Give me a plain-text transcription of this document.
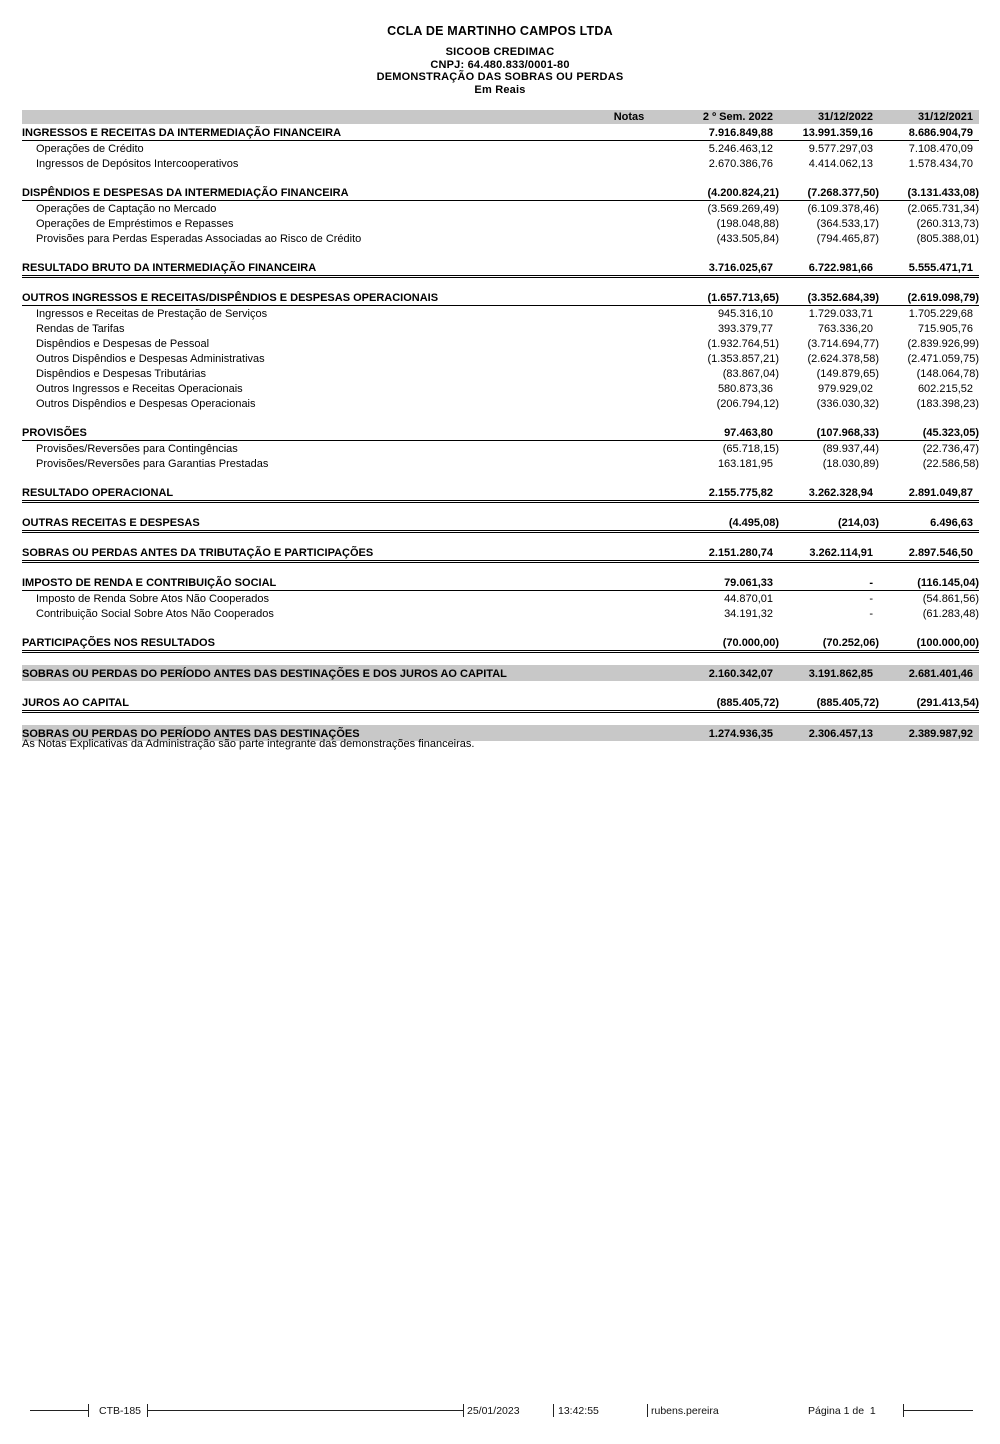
CCLA DE MARTINHO CAMPOS LTDA
SICOOB CREDIMAC
CNPJ: 64.480.833/0001-80
DEMONSTRAÇÃO DAS SOBRAS OU PERDAS
Em Reais
Notas	2 º Sem. 2022	31/12/2022	31/12/2021
INGRESSOS E RECEITAS DA INTERMEDIAÇÃO FINANCEIRA	7.916.849,88	13.991.359,16	8.686.904,79
Operações de Crédito	5.246.463,12	9.577.297,03	7.108.470,09
Ingressos de Depósitos Intercooperativos	2.670.386,76	4.414.062,13	1.578.434,70
DISPÊNDIOS E DESPESAS DA INTERMEDIAÇÃO FINANCEIRA	(4.200.824,21)	(7.268.377,50)	(3.131.433,08)
Operações de Captação no Mercado	(3.569.269,49)	(6.109.378,46)	(2.065.731,34)
Operações de Empréstimos e Repasses	(198.048,88)	(364.533,17)	(260.313,73)
Provisões para Perdas Esperadas Associadas ao Risco de Crédito	(433.505,84)	(794.465,87)	(805.388,01)
RESULTADO BRUTO DA INTERMEDIAÇÃO FINANCEIRA	3.716.025,67	6.722.981,66	5.555.471,71
OUTROS INGRESSOS E RECEITAS/DISPÊNDIOS E DESPESAS OPERACIONAIS	(1.657.713,65)	(3.352.684,39)	(2.619.098,79)
Ingressos e Receitas de Prestação de Serviços	945.316,10	1.729.033,71	1.705.229,68
Rendas de Tarifas	393.379,77	763.336,20	715.905,76
Dispêndios e Despesas de Pessoal	(1.932.764,51)	(3.714.694,77)	(2.839.926,99)
Outros Dispêndios e Despesas Administrativas	(1.353.857,21)	(2.624.378,58)	(2.471.059,75)
Dispêndios e Despesas Tributárias	(83.867,04)	(149.879,65)	(148.064,78)
Outros Ingressos e Receitas Operacionais	580.873,36	979.929,02	602.215,52
Outros Dispêndios e Despesas Operacionais	(206.794,12)	(336.030,32)	(183.398,23)
PROVISÕES	97.463,80	(107.968,33)	(45.323,05)
Provisões/Reversões para Contingências	(65.718,15)	(89.937,44)	(22.736,47)
Provisões/Reversões para Garantias Prestadas	163.181,95	(18.030,89)	(22.586,58)
RESULTADO OPERACIONAL	2.155.775,82	3.262.328,94	2.891.049,87
OUTRAS RECEITAS E DESPESAS	(4.495,08)	(214,03)	6.496,63
SOBRAS OU PERDAS ANTES DA TRIBUTAÇÃO E PARTICIPAÇÕES	2.151.280,74	3.262.114,91	2.897.546,50
IMPOSTO DE RENDA E CONTRIBUIÇÃO SOCIAL	79.061,33	-	(116.145,04)
Imposto de Renda Sobre Atos Não Cooperados	44.870,01	-	(54.861,56)
Contribuição Social Sobre Atos Não Cooperados	34.191,32	-	(61.283,48)
PARTICIPAÇÕES NOS RESULTADOS	(70.000,00)	(70.252,06)	(100.000,00)
SOBRAS OU PERDAS DO PERÍODO ANTES DAS DESTINAÇÕES E DOS JUROS AO CAPITAL	2.160.342,07	3.191.862,85	2.681.401,46
JUROS AO CAPITAL	(885.405,72)	(885.405,72)	(291.413,54)
SOBRAS OU PERDAS DO PERÍODO ANTES DAS DESTINAÇÕES	1.274.936,35	2.306.457,13	2.389.987,92
As Notas Explicativas da Administração são parte integrante das demonstrações financeiras.
CTB-185	25/01/2023	13:42:55	rubens.pereira	Página 1 de  1
